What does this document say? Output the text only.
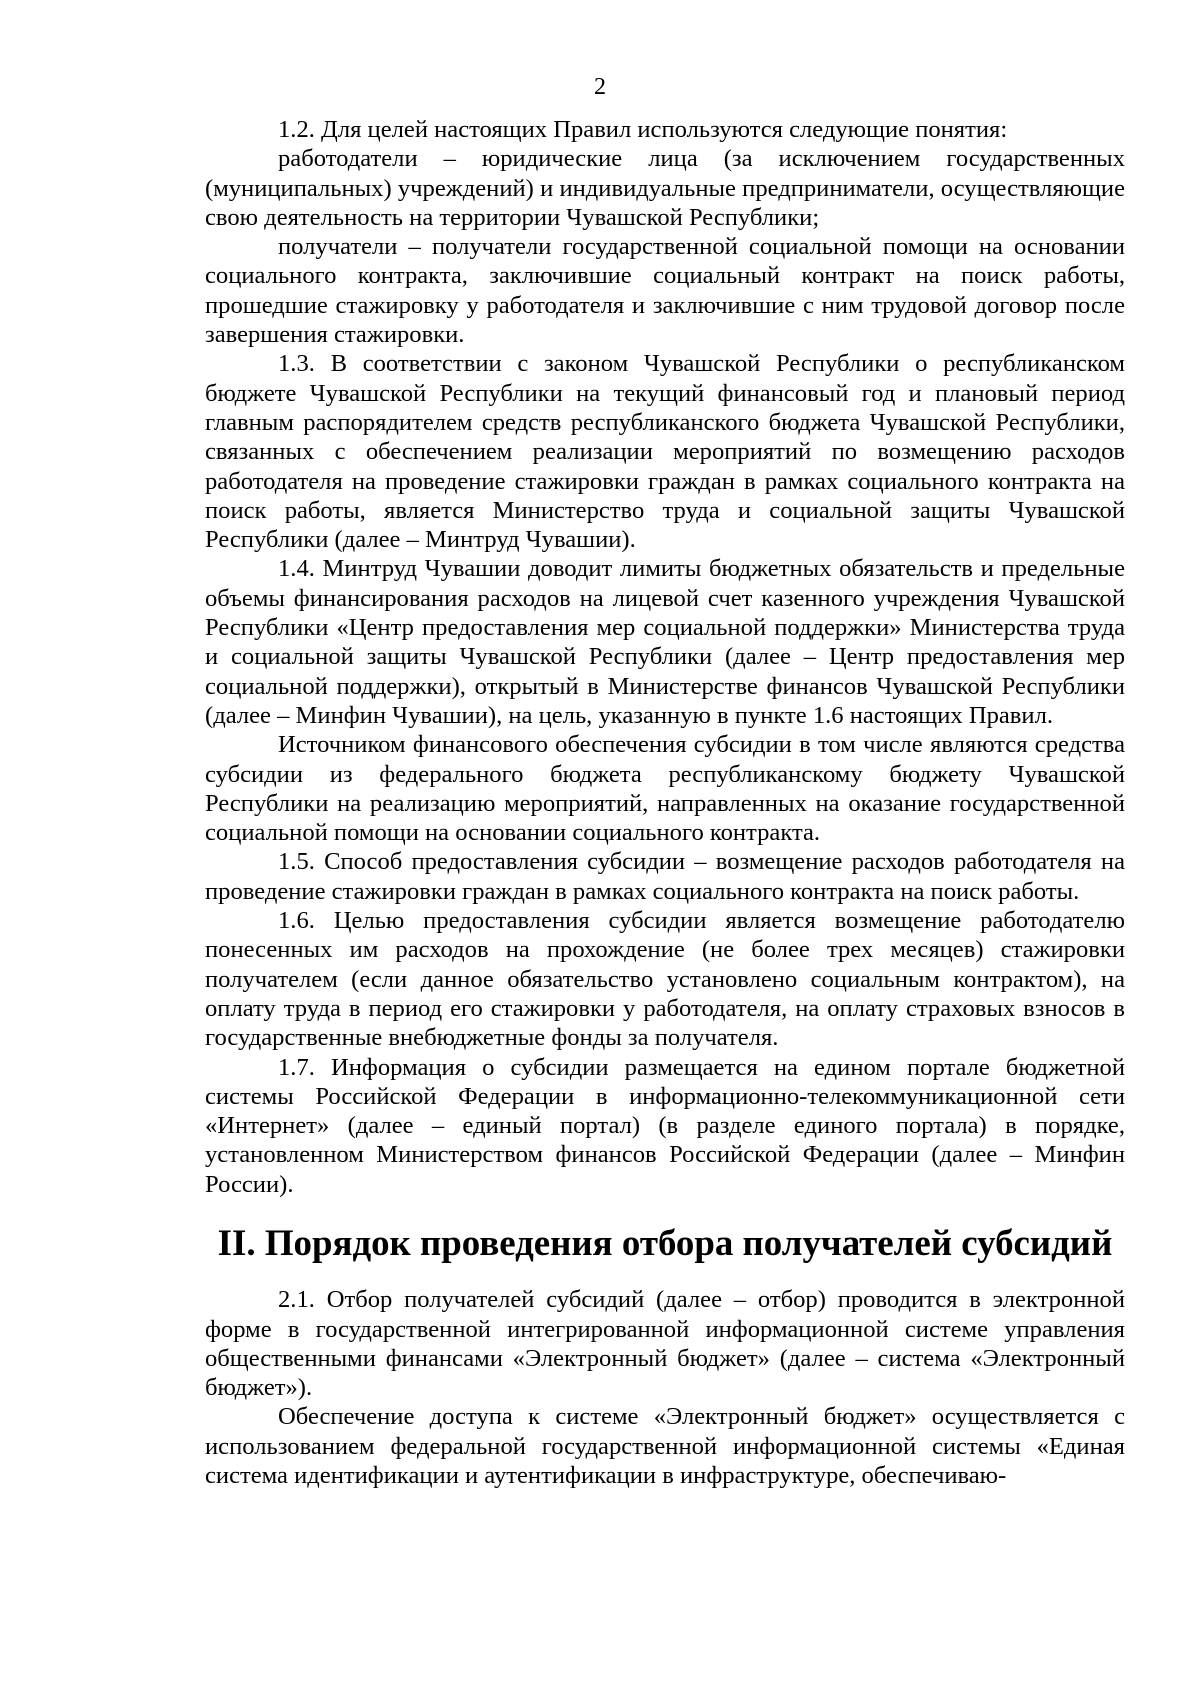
2

1.2. Для целей настоящих Правил используются следующие понятия:

работодатели – юридические лица (за исключением государственных (муниципальных) учреждений) и индивидуальные предприниматели, осуществляющие свою деятельность на территории Чувашской Республики;

получатели – получатели государственной социальной помощи на основании социального контракта, заключившие социальный контракт на поиск работы, прошедшие стажировку у работодателя и заключившие с ним трудовой договор после завершения стажировки.

1.3. В соответствии с законом Чувашской Республики о республиканском бюджете Чувашской Республики на текущий финансовый год и плановый период главным распорядителем средств республиканского бюджета Чувашской Республики, связанных с обеспечением реализации мероприятий по возмещению расходов работодателя на проведение стажировки граждан в рамках социального контракта на поиск работы, является Министерство труда и социальной защиты Чувашской Республики (далее – Минтруд Чувашии).

1.4. Минтруд Чувашии доводит лимиты бюджетных обязательств и предельные объемы финансирования расходов на лицевой счет казенного учреждения Чувашской Республики «Центр предоставления мер социальной поддержки» Министерства труда и социальной защиты Чувашской Республики (далее – Центр предоставления мер социальной поддержки), открытый в Министерстве финансов Чувашской Республики (далее – Минфин Чувашии), на цель, указанную в пункте 1.6 настоящих Правил.

Источником финансового обеспечения субсидии в том числе являются средства субсидии из федерального бюджета республиканскому бюджету Чувашской Республики на реализацию мероприятий, направленных на оказание государственной социальной помощи на основании социального контракта.

1.5. Способ предоставления субсидии – возмещение расходов работодателя на проведение стажировки граждан в рамках социального контракта на поиск работы.

1.6. Целью предоставления субсидии является возмещение работодателю понесенных им расходов на прохождение (не более трех месяцев) стажировки получателем (если данное обязательство установлено социальным контрактом), на оплату труда в период его стажировки у работодателя, на оплату страховых взносов в государственные внебюджетные фонды за получателя.

1.7. Информация о субсидии размещается на едином портале бюджетной системы Российской Федерации в информационно-телекоммуникационной сети «Интернет» (далее – единый портал) (в разделе единого портала) в порядке, установленном Министерством финансов Российской Федерации (далее – Минфин России).

II. Порядок проведения отбора получателей субсидий

2.1. Отбор получателей субсидий (далее – отбор) проводится в электронной форме в государственной интегрированной информационной системе управления общественными финансами «Электронный бюджет» (далее – система «Электронный бюджет»).

Обеспечение доступа к системе «Электронный бюджет» осуществляется с использованием федеральной государственной информационной системы «Единая система идентификации и аутентификации в инфраструктуре, обеспечиваю-
